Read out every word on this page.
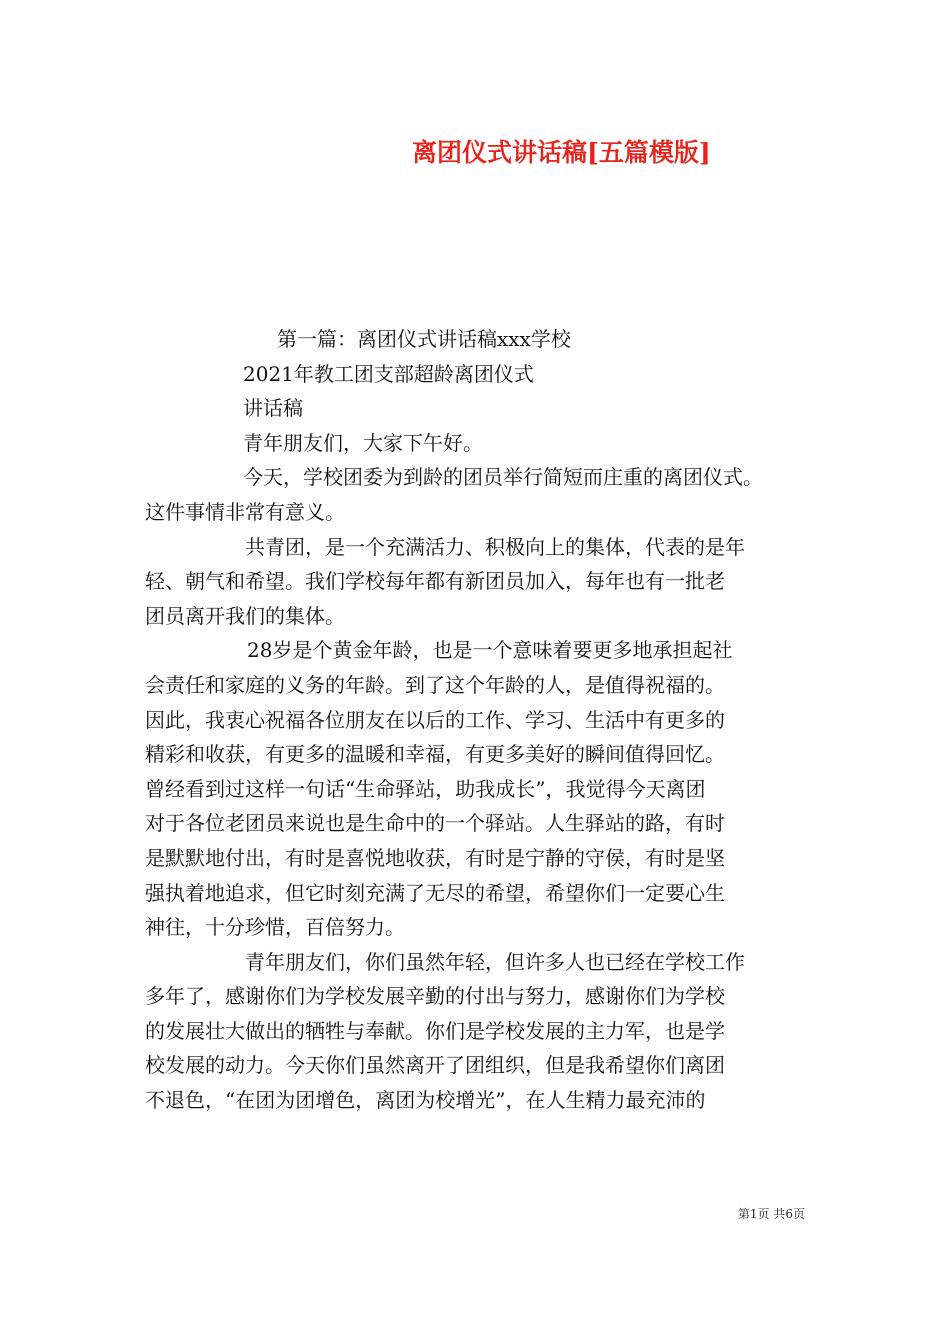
离团仪式讲话稿[五篇模版]
第一篇：离团仪式讲话稿xxx学校
2021年教工团支部超龄离团仪式
讲话稿
青年朋友们，大家下午好。
今天，学校团委为到龄的团员举行简短而庄重的离团仪式。
这件事情非常有意义。
共青团，是一个充满活力、积极向上的集体，代表的是年
轻、朝气和希望。我们学校每年都有新团员加入，每年也有一批老
团员离开我们的集体。
28岁是个黄金年龄，也是一个意味着要更多地承担起社
会责任和家庭的义务的年龄。到了这个年龄的人，是值得祝福的。
因此，我衷心祝福各位朋友在以后的工作、学习、生活中有更多的
精彩和收获，有更多的温暖和幸福，有更多美好的瞬间值得回忆。
曾经看到过这样一句话“生命驿站，助我成长”，我觉得今天离团
对于各位老团员来说也是生命中的一个驿站。人生驿站的路，有时
是默默地付出，有时是喜悦地收获，有时是宁静的守侯，有时是坚
强执着地追求，但它时刻充满了无尽的希望，希望你们一定要心生
神往，十分珍惜，百倍努力。
青年朋友们，你们虽然年轻，但许多人也已经在学校工作
多年了，感谢你们为学校发展辛勤的付出与努力，感谢你们为学校
的发展壮大做出的牺牲与奉献。你们是学校发展的主力军，也是学
校发展的动力。今天你们虽然离开了团组织，但是我希望你们离团
不退色，“在团为团增色，离团为校增光”，在人生精力最充沛的
第1页 共6页
